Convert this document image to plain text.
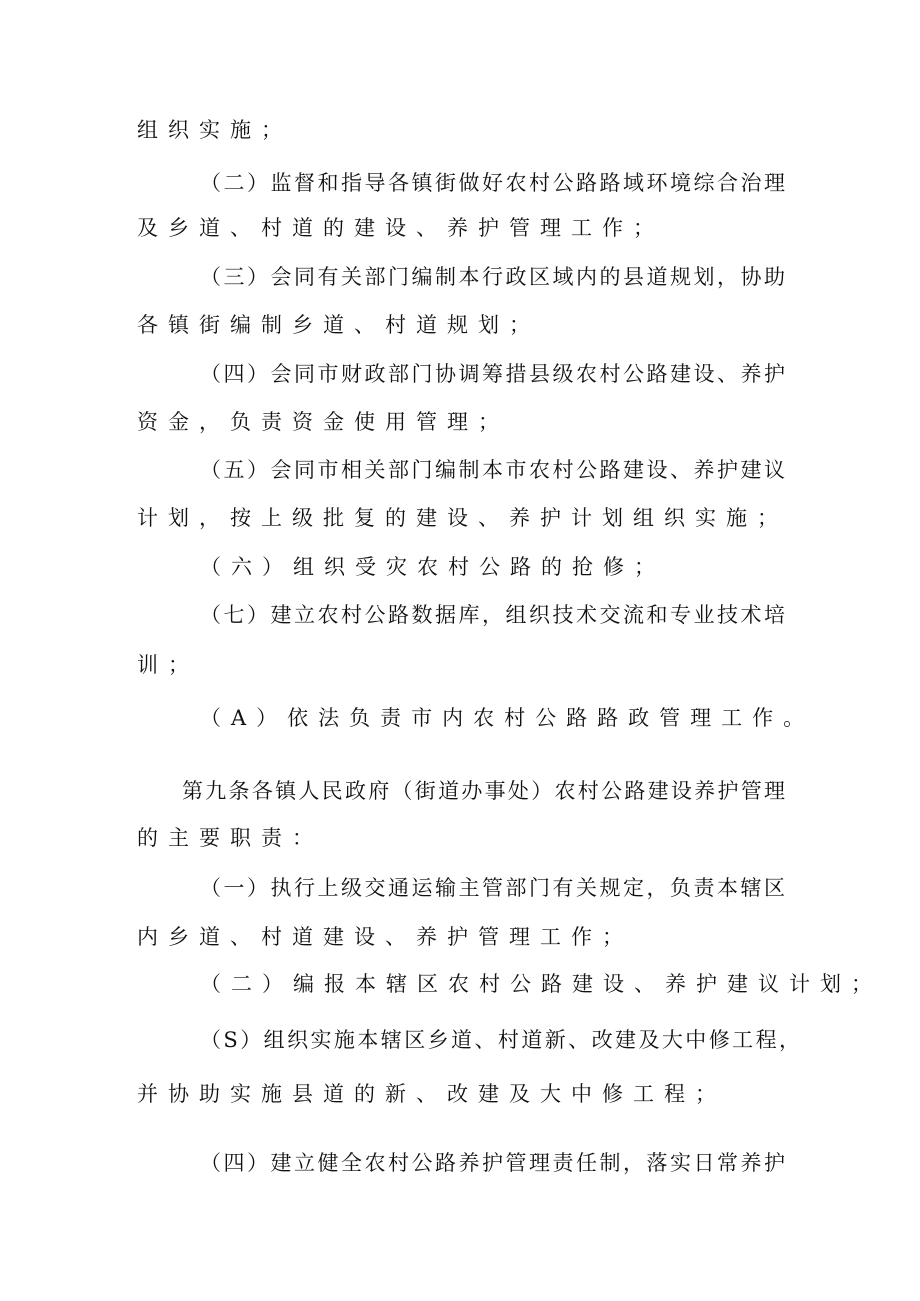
组织实施；
（二）监督和指导各镇街做好农村公路路域环境综合治理
及乡道、村道的建设、养护管理工作；
（三）会同有关部门编制本行政区域内的县道规划，协助
各镇街编制乡道、村道规划；
（四）会同市财政部门协调筹措县级农村公路建设、养护
资金，负责资金使用管理；
（五）会同市相关部门编制本市农村公路建设、养护建议
计划，按上级批复的建设、养护计划组织实施；
（六）组织受灾农村公路的抢修；
（七）建立农村公路数据库，组织技术交流和专业技术培
训；
（A）依法负责市内农村公路路政管理工作。
第九条各镇人民政府（街道办事处）农村公路建设养护管理
的主要职责：
（一）执行上级交通运输主管部门有关规定，负责本辖区
内乡道、村道建设、养护管理工作；
（二）编报本辖区农村公路建设、养护建议计划；
（S）组织实施本辖区乡道、村道新、改建及大中修工程，
并协助实施县道的新、改建及大中修工程；
（四）建立健全农村公路养护管理责任制，落实日常养护
